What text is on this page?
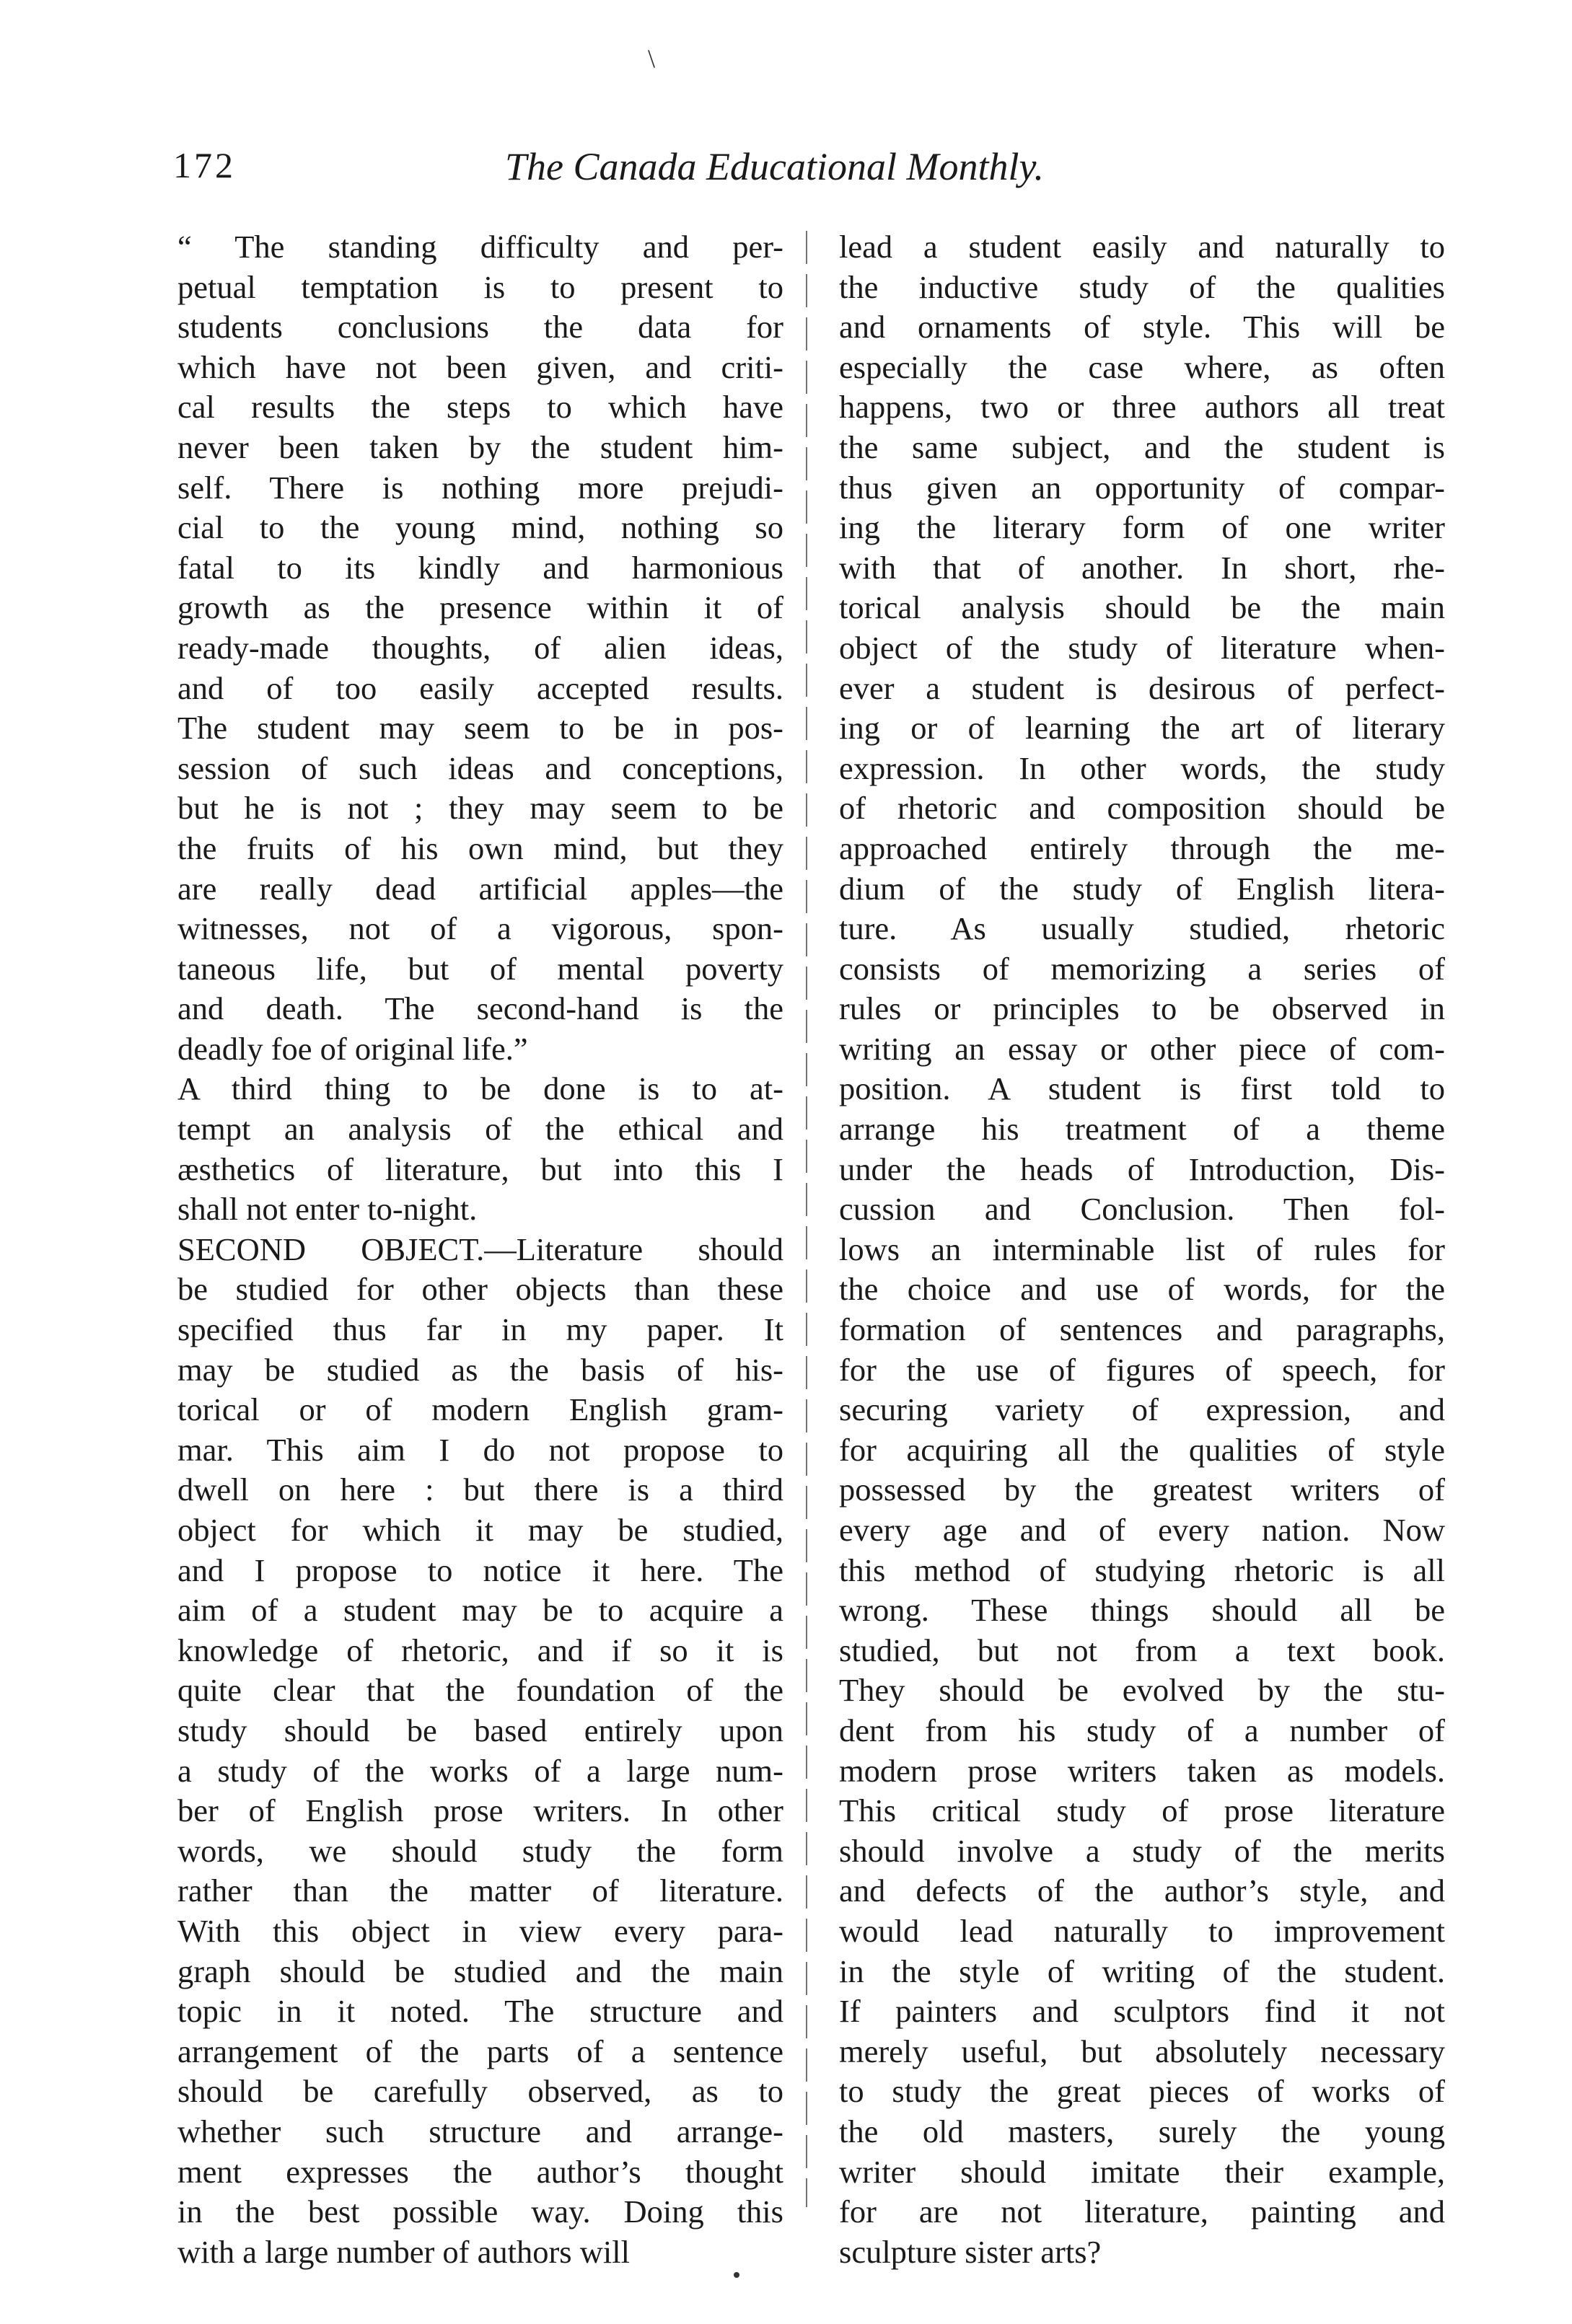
\
172	The Canada Educational Monthly.
“ The standing difficulty and per-
petual temptation is to present to
students conclusions the data for
which have not been given, and criti-
cal results the steps to which have
never been taken by the student him-
self. There is nothing more prejudi-
cial to the young mind, nothing so
fatal to its kindly and harmonious
growth as the presence within it of
ready-made thoughts, of alien ideas,
and of too easily accepted results.
The student may seem to be in pos-
session of such ideas and conceptions,
but he is not ; they may seem to be
the fruits of his own mind, but they
are really dead artificial apples—the
witnesses, not of a vigorous, spon-
taneous life, but of mental poverty
and death. The second-hand is the
deadly foe of original life.”
A third thing to be done is to at-
tempt an analysis of the ethical and
æsthetics of literature, but into this I
shall not enter to-night.
SECOND OBJECT.—Literature should
be studied for other objects than these
specified thus far in my paper. It
may be studied as the basis of his-
torical or of modern English gram-
mar. This aim I do not propose to
dwell on here : but there is a third
object for which it may be studied,
and I propose to notice it here. The
aim of a student may be to acquire a
knowledge of rhetoric, and if so it is
quite clear that the foundation of the
study should be based entirely upon
a study of the works of a large num-
ber of English prose writers. In other
words, we should study the form
rather than the matter of literature.
With this object in view every para-
graph should be studied and the main
topic in it noted. The structure and
arrangement of the parts of a sentence
should be carefully observed, as to
whether such structure and arrange-
ment expresses the author’s thought
in the best possible way. Doing this
with a large number of authors will
lead a student easily and naturally to
the inductive study of the qualities
and ornaments of style. This will be
especially the case where, as often
happens, two or three authors all treat
the same subject, and the student is
thus given an opportunity of compar-
ing the literary form of one writer
with that of another. In short, rhe-
torical analysis should be the main
object of the study of literature when-
ever a student is desirous of perfect-
ing or of learning the art of literary
expression. In other words, the study
of rhetoric and composition should be
approached entirely through the me-
dium of the study of English litera-
ture. As usually studied, rhetoric
consists of memorizing a series of
rules or principles to be observed in
writing an essay or other piece of com-
position. A student is first told to
arrange his treatment of a theme
under the heads of Introduction, Dis-
cussion and Conclusion. Then fol-
lows an interminable list of rules for
the choice and use of words, for the
formation of sentences and paragraphs,
for the use of figures of speech, for
securing variety of expression, and
for acquiring all the qualities of style
possessed by the greatest writers of
every age and of every nation. Now
this method of studying rhetoric is all
wrong. These things should all be
studied, but not from a text book.
They should be evolved by the stu-
dent from his study of a number of
modern prose writers taken as models.
This critical study of prose literature
should involve a study of the merits
and defects of the author’s style, and
would lead naturally to improvement
in the style of writing of the student.
If painters and sculptors find it not
merely useful, but absolutely necessary
to study the great pieces of works of
the old masters, surely the young
writer should imitate their example,
for are not literature, painting and
sculpture sister arts?
